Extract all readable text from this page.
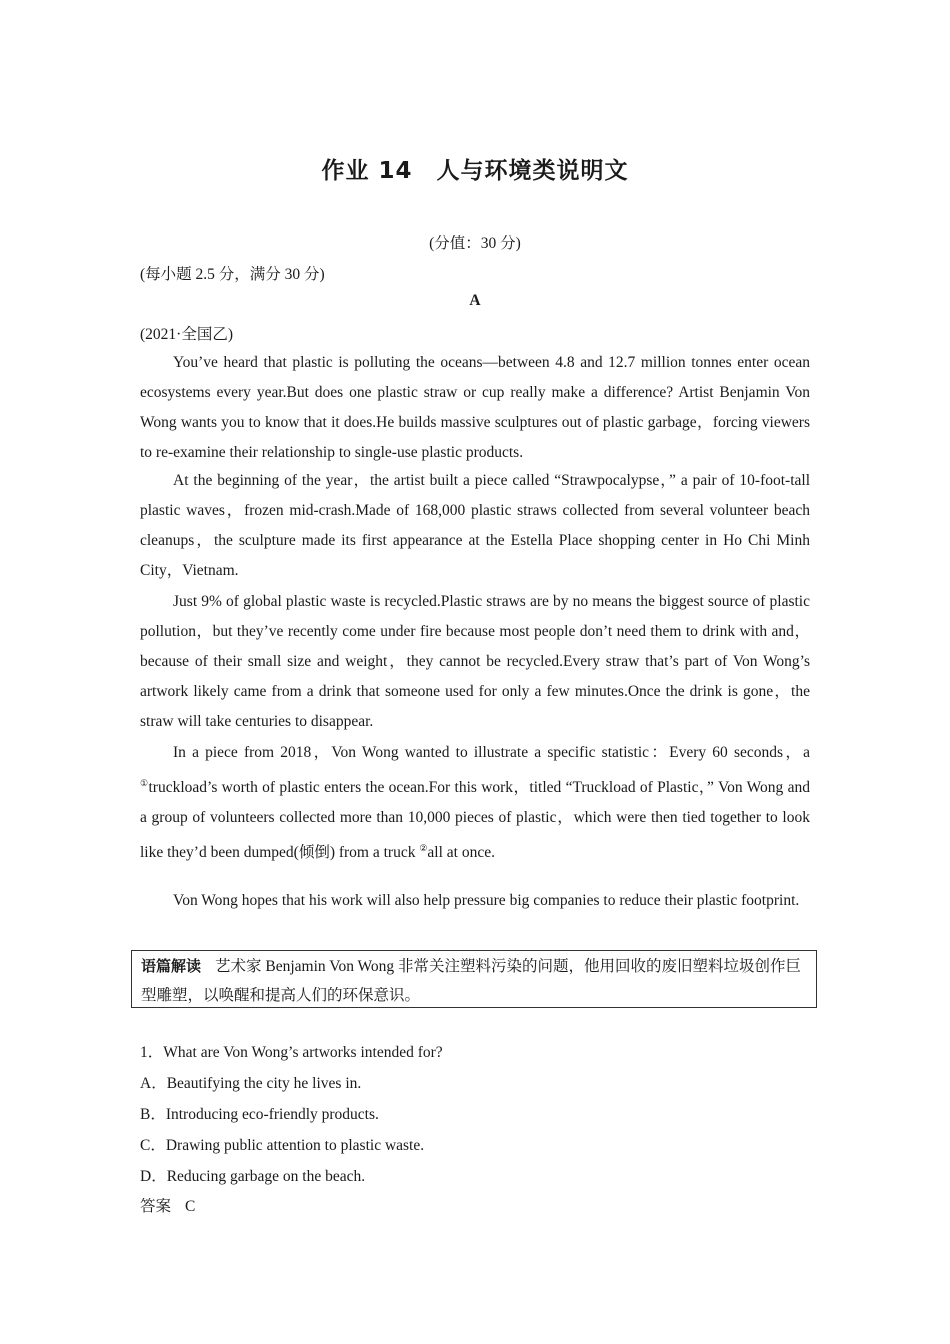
作业 14　人与环境类说明文
(分值：30 分)
(每小题 2.5 分，满分 30 分)
A
(2021·全国乙)
You’ve heard that plastic is polluting the oceans—between 4.8 and 12.7 million tonnes enter ocean ecosystems every year.But does one plastic straw or cup really make a difference? Artist Benjamin Von Wong wants you to know that it does.He builds massive sculptures out of plastic garbage，forcing viewers to re-examine their relationship to single-use plastic products.
At the beginning of the year，the artist built a piece called “Strawpocalypse，” a pair of 10-foot-tall plastic waves，frozen mid-crash.Made of 168,000 plastic straws collected from several volunteer beach cleanups，the sculpture made its first appearance at the Estella Place shopping center in Ho Chi Minh City，Vietnam.
Just 9% of global plastic waste is recycled.Plastic straws are by no means the biggest source of plastic pollution，but they’ve recently come under fire because most people don’t need them to drink with and，because of their small size and weight，they cannot be recycled.Every straw that’s part of Von Wong’s artwork likely came from a drink that someone used for only a few minutes.Once the drink is gone，the straw will take centuries to disappear.
In a piece from 2018，Von Wong wanted to illustrate a specific statistic：Every 60 seconds，a ①truckload’s worth of plastic enters the ocean.For this work，titled “Truckload of Plastic，” Von Wong and a group of volunteers collected more than 10,000 pieces of plastic，which were then tied together to look like they’d been dumped(倾倒) from a truck ②all at once.
Von Wong hopes that his work will also help pressure big companies to reduce their plastic footprint.
语篇解读 艺术家 Benjamin Von Wong 非常关注塑料污染的问题，他用回收的废旧塑料垃圾创作巨型雕塑，以唤醒和提高人们的环保意识。
1．What are Von Wong’s artworks intended for?
A．Beautifying the city he lives in.
B．Introducing eco-friendly products.
C．Drawing public attention to plastic waste.
D．Reducing garbage on the beach.
答案 C
